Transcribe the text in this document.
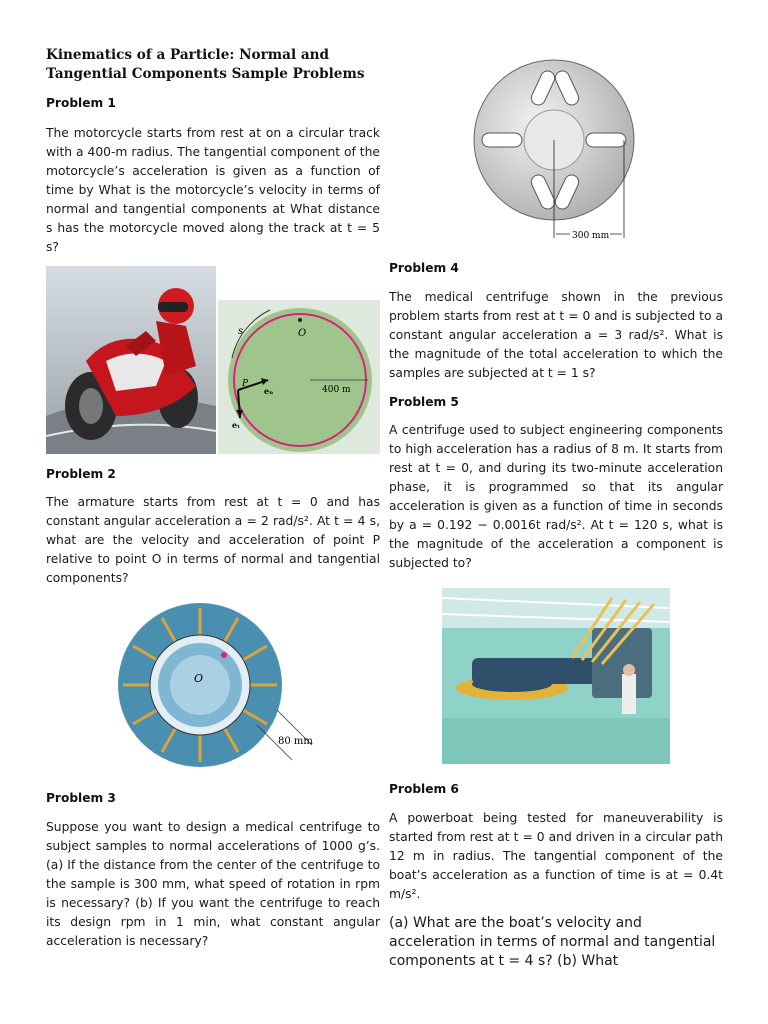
Kinematics of a Particle: Normal and Tangential Components Sample Problems
Problem 1
The motorcycle starts from rest at on a circular track with a 400-m radius. The tangential component of the motorcycle’s acceleration is given as a function of time by What is the motorcycle’s velocity in terms of normal and tangential components at What distance s has the motorcycle moved along the track at t = 5 s?
s	O
400 m
P
eₙ
eₜ
Problem 2
The armature starts from rest at t = 0 and has constant angular acceleration a = 2 rad/s². At t = 4 s, what are the velocity and acceleration of point P relative to point O in terms of normal and tangential components?
O
80 mm
Problem 3
Suppose you want to design a medical centrifuge to subject samples to normal accelerations of 1000 g’s. (a) If the distance from the center of the centrifuge to the sample is 300 mm, what speed of rotation in rpm is necessary? (b) If you want the centrifuge to reach its design rpm in 1 min, what constant angular acceleration is necessary?
300 mm
Problem 4
The medical centrifuge shown in the previous problem starts from rest at t = 0 and is subjected to a constant angular acceleration a = 3 rad/s². What is the magnitude of the total acceleration to which the samples are subjected at t = 1 s?
Problem 5
A centrifuge used to subject engineering components to high acceleration has a radius of 8 m. It starts from rest at t = 0, and during its two-minute acceleration phase, it is programmed so that its angular acceleration is given as a function of time in seconds by a = 0.192 − 0.0016t rad/s². At t = 120 s, what is the magnitude of the acceleration a component is subjected to?
Problem 6
A powerboat being tested for maneuverability is started from rest at t = 0 and driven in a circular path 12 m in radius. The tangential component of the boat’s acceleration as a function of time is at = 0.4t m/s².
(a) What are the boat’s velocity and acceleration in terms of normal and tangential components at t = 4 s? (b) What
